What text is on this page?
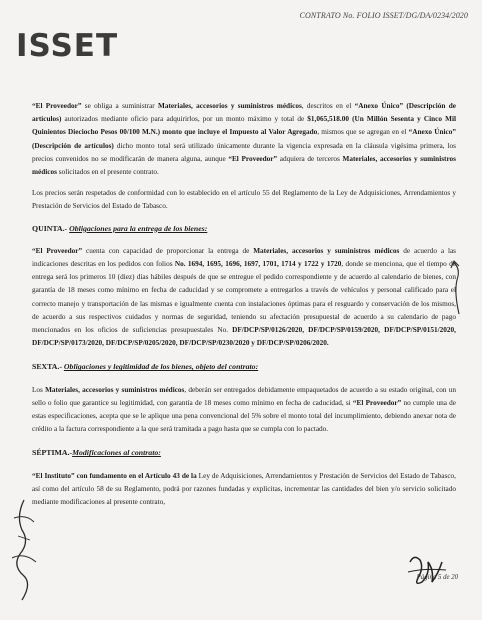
CONTRATO No. FOLIO ISSET/DG/DA/0234/2020
ISSET

“El Proveedor” se obliga a suministrar Materiales, accesorios y suministros médicos, descritos en el “Anexo Único” (Descripción de artículos) autorizados mediante oficio para adquirirlos, por un monto máximo y total de $1,065,518.00 (Un Millón Sesenta y Cinco Mil Quinientos Dieciocho Pesos 00/100 M.N.) monto que incluye el Impuesto al Valor Agregado, mismos que se agregan en el “Anexo Único” (Descripción de artículos) dicho monto total será utilizado únicamente durante la vigencia expresada en la cláusula vigésima primera, los precios convenidos no se modificarán de manera alguna, aunque “El Proveedor” adquiera de terceros Materiales, accesorios y suministros médicos solicitados en el presente contrato.

Los precios serán respetados de conformidad con lo establecido en el artículo 55 del Reglamento de la Ley de Adquisiciones, Arrendamientos y Prestación de Servicios del Estado de Tabasco.

QUINTA.- Obligaciones para la entrega de los bienes:

“El Proveedor” cuenta con capacidad de proporcionar la entrega de Materiales, accesorios y suministros médicos de acuerdo a las indicaciones descritas en los pedidos con folios No. 1694, 1695, 1696, 1697, 1701, 1714 y 1722 y 1720, donde se menciona, que el tiempo de entrega será los primeros 10 (diez) días hábiles después de que se entregue el pedido correspondiente y de acuerdo al calendario de bienes, con garantía de 18 meses como mínimo en fecha de caducidad y se compromete a entregarlos a través de vehículos y personal calificado para el correcto manejo y transportación de las mismas e igualmente cuenta con instalaciones óptimas para el resguardo y conservación de los mismos, de acuerdo a sus respectivos cuidados y normas de seguridad, teniendo su afectación presupuestal de acuerdo a su calendario de pago mencionados en los oficios de suficiencias presupuestales No. DF/DCP/SP/0126/2020, DF/DCP/SP/0159/2020, DF/DCP/SP/0151/2020, DF/DCP/SP/0173/2020, DF/DCP/SP/0205/2020, DF/DCP/SP/0230/2020 y DF/DCP/SP/0206/2020.

SEXTA.- Obligaciones y legitimidad de los bienes, objeto del contrato:

Los Materiales, accesorios y suministros médicos, deberán ser entregados debidamente empaquetados de acuerdo a su estado original, con un sello o folio que garantice su legitimidad, con garantía de 18 meses como mínimo en fecha de caducidad, si “El Proveedor” no cumple una de estas especificaciones, acepta que se le aplique una pena convencional del 5% sobre el monto total del incumplimiento, debiendo anexar nota de crédito a la factura correspondiente a la que será tramitada a pago hasta que se cumpla con lo pactado.

SÉPTIMA.-Modificaciones al contrato:

“El Instituto” con fundamento en el Artículo 43 de la Ley de Adquisiciones, Arrendamientos y Prestación de Servicios del Estado de Tabasco, así como del artículo 58 de su Reglamento, podrá por razones fundadas y explícitas, incrementar las cantidades del bien y/o servicio solicitado mediante modificaciones al presente contrato,

Página 5 de 20
